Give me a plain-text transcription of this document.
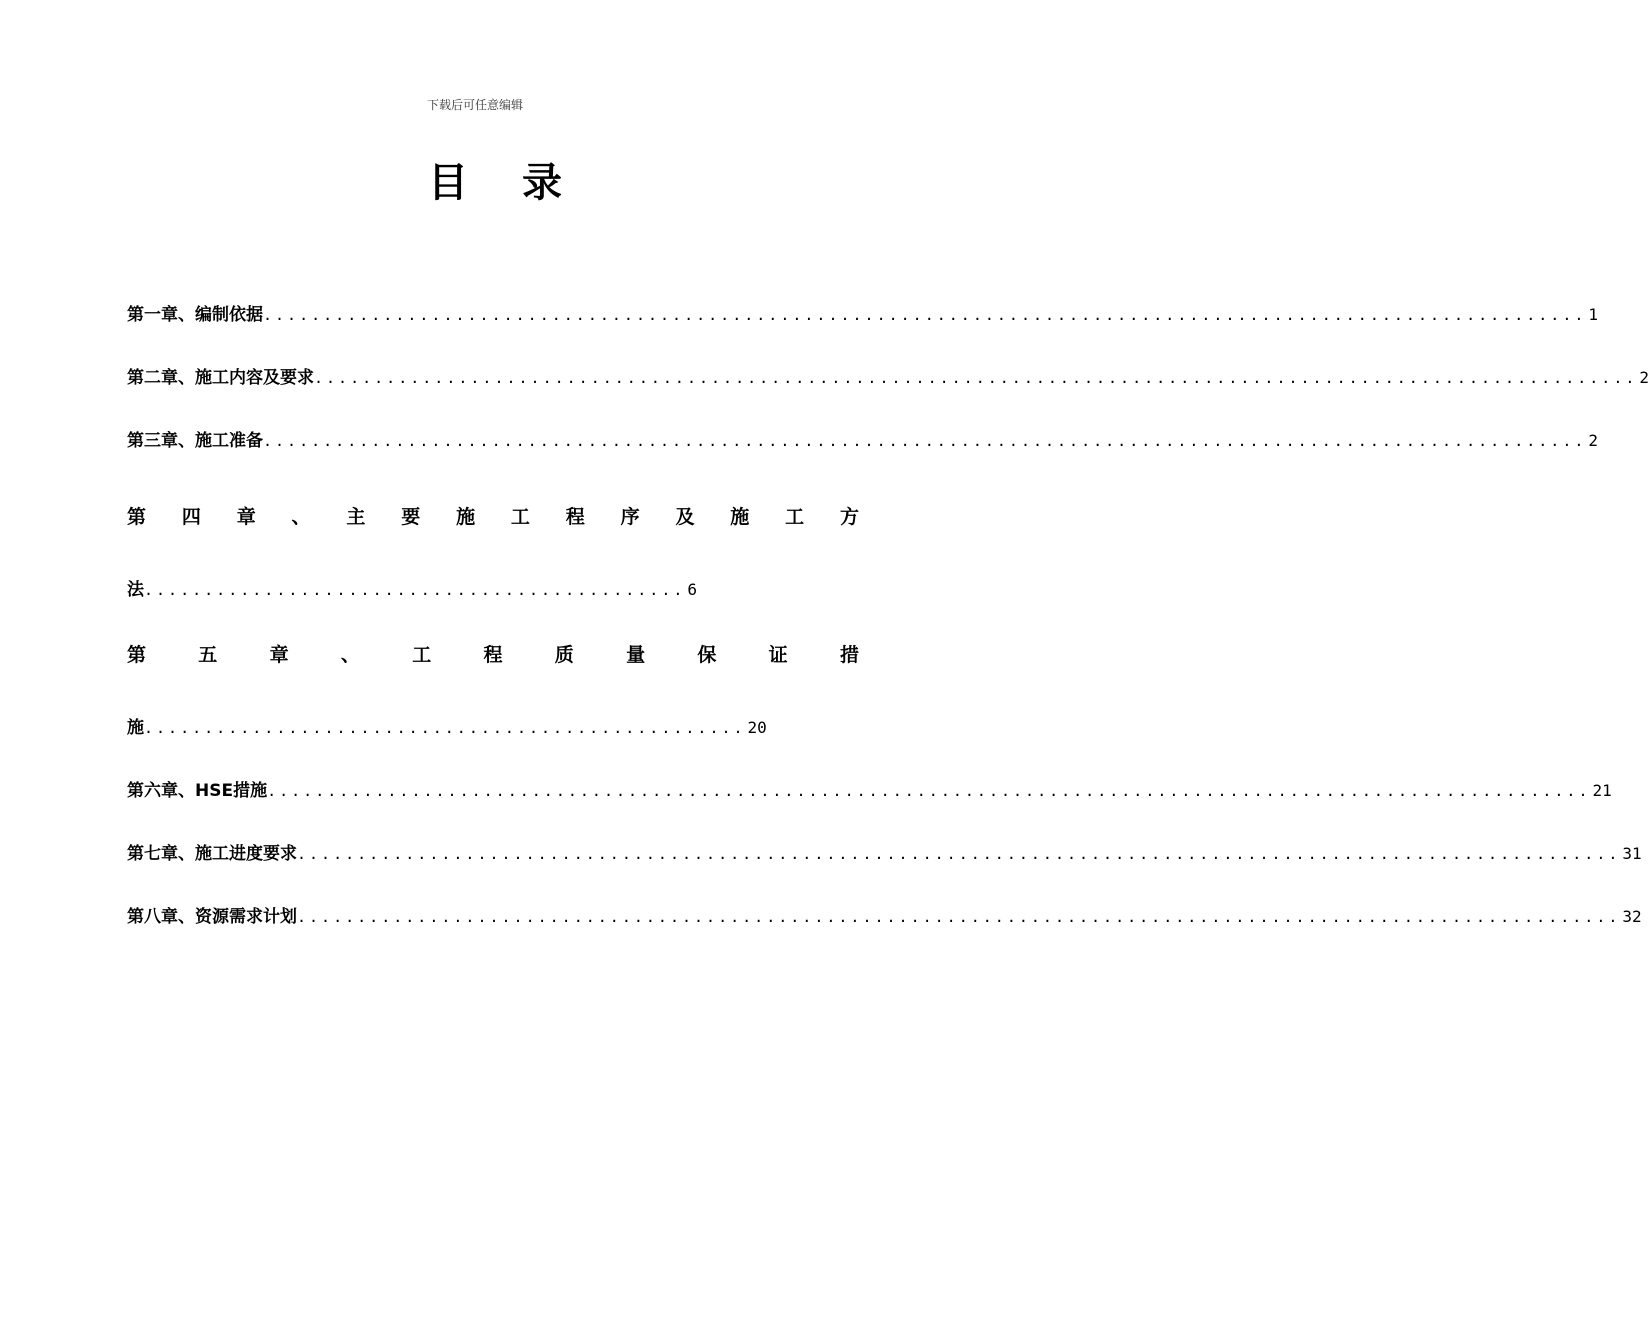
下载后可任意编辑
目 录
第一章、编制依据 .............................................................................................................. 1
第二章、施工内容及要求 .............................................................................................................. 2
第三章、施工准备 .............................................................................................................. 2
第 四 章 、 主 要 施 工 程 序 及 施 工 方
法 ............................................. 6
第	五	章	、	工	程	质	量	保	证	措
施 .................................................. 20
第六章、HSE措施 .............................................................................................................. 21
第七章、施工进度要求 .............................................................................................................. 31
第八章、资源需求计划 .............................................................................................................. 32
